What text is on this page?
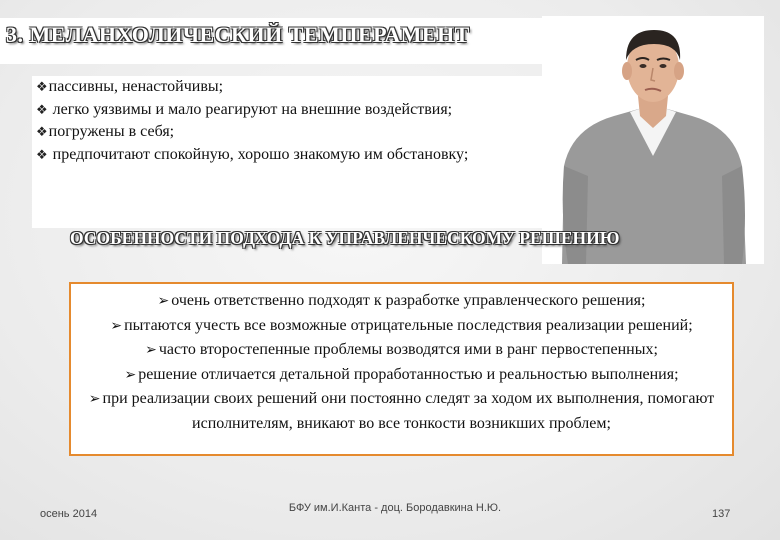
3. МЕЛАНХОЛИЧЕСКИЙ ТЕМПЕРАМЕНТ
❖пассивны, ненастойчивы;
❖ легко уязвимы и мало реагируют на внешние воздействия;
❖погружены в себя;
❖ предпочитают спокойную, хорошо знакомую им обстановку;
ОСОБЕННОСТИ ПОДХОДА К УПРАВЛЕНЧЕСКОМУ РЕШЕНИЮ
➢ очень ответственно подходят к разработке управленческого решения;
➢ пытаются учесть все возможные отрицательные последствия реализации решений;
➢ часто второстепенные проблемы возводятся ими в ранг первостепенных;
➢ решение отличается детальной проработанностью и реальностью выполнения;
➢ при реализации своих решений они постоянно следят за ходом их выполнения, помогают исполнителям, вникают во все тонкости возникших проблем;
осень 2014	БФУ им.И.Канта - доц. Бородавкина Н.Ю.	137
